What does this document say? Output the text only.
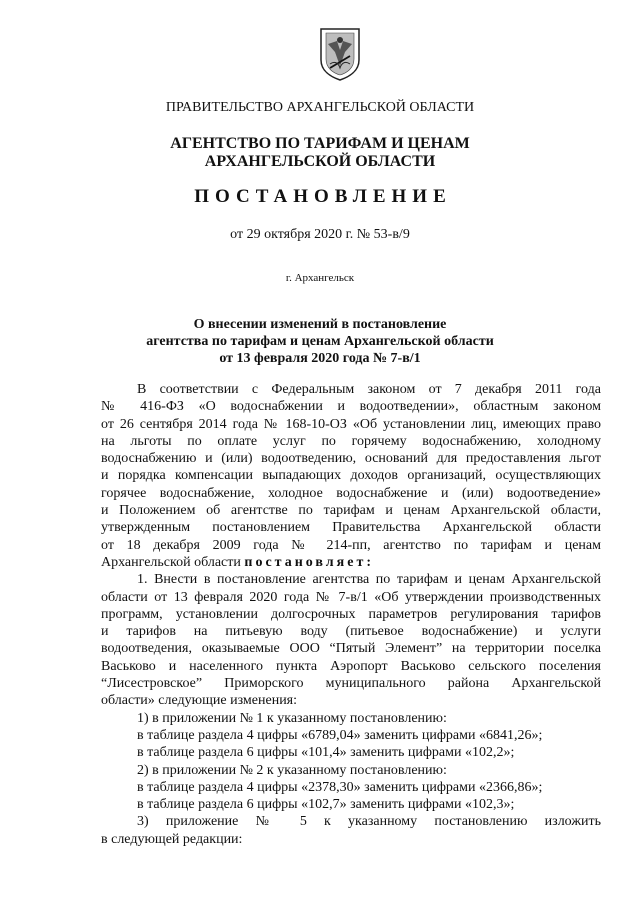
ПРАВИТЕЛЬСТВО АРХАНГЕЛЬСКОЙ ОБЛАСТИ
АГЕНТСТВО ПО ТАРИФАМ И ЦЕНАМ
АРХАНГЕЛЬСКОЙ ОБЛАСТИ
ПОСТАНОВЛЕНИЕ
от 29 октября 2020 г. № 53-в/9
г. Архангельск
О внесении изменений в постановление
агентства по тарифам и ценам Архангельской области
от 13 февраля 2020 года № 7-в/1

В соответствии с Федеральным законом от 7 декабря 2011 года

№ 416-ФЗ «О водоснабжении и водоотведении», областным законом

от 26 сентября 2014 года № 168-10-ОЗ «Об установлении лиц, имеющих право

на льготы по оплате услуг по горячему водоснабжению, холодному

водоснабжению и (или) водоотведению, оснований для предоставления льгот

и порядка компенсации выпадающих доходов организаций, осуществляющих

горячее водоснабжение, холодное водоснабжение и (или) водоотведение»

и Положением об агентстве по тарифам и ценам Архангельской области,

утвержденным постановлением Правительства Архангельской области

от 18 декабря 2009 года № 214-пп, агентство по тарифам и ценам

Архангельской области постановляет:

1. Внести в постановление агентства по тарифам и ценам Архангельской

области от 13 февраля 2020 года № 7-в/1 «Об утверждении производственных

программ, установлении долгосрочных параметров регулирования тарифов

и тарифов на питьевую воду (питьевое водоснабжение) и услуги

водоотведения, оказываемые ООО “Пятый Элемент” на территории поселка

Васьково и населенного пункта Аэропорт Васьково сельского поселения

“Лисестровское” Приморского муниципального района Архангельской

области» следующие изменения:

1) в приложении № 1 к указанному постановлению:

в таблице раздела 4 цифры «6789,04» заменить цифрами «6841,26»;

в таблице раздела 6 цифры «101,4» заменить цифрами «102,2»;

2) в приложении № 2 к указанному постановлению:

в таблице раздела 4 цифры «2378,30» заменить цифрами «2366,86»;

в таблице раздела 6 цифры «102,7» заменить цифрами «102,3»;

3) приложение № 5 к указанному постановлению изложить

в следующей редакции:
